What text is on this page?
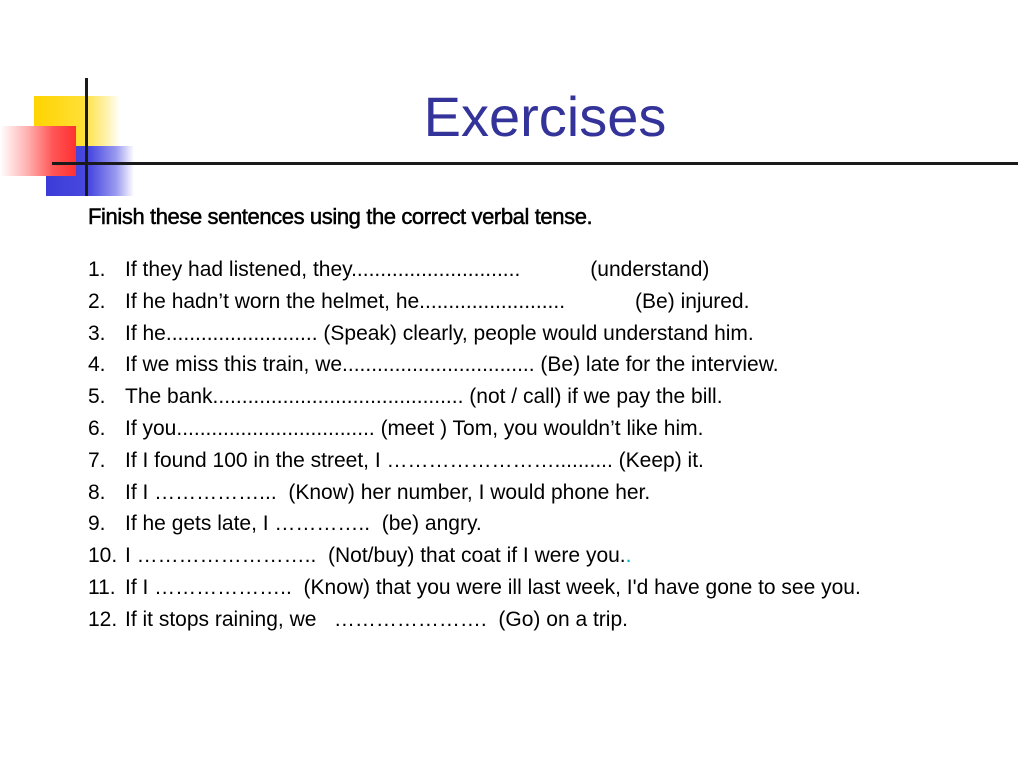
Exercises
Finish these sentences using the correct verbal tense.
1. If they had listened, they.............................            (understand)
2. If he hadn’t worn the helmet, he.........................            (Be) injured.
3. If he.......................... (Speak) clearly, people would understand him.
4. If we miss this train, we................................. (Be) late for the interview.
5. The bank........................................... (not / call) if we pay the bill.
6. If you.................................. (meet ) Tom, you wouldn’t like him.
7. If I found 100 in the street, I …………………….......... (Keep) it.
8. If I ……………...  (Know) her number, I would phone her.
9. If he gets late, I …………..  (be) angry.
10. I ……………………..  (Not/buy) that coat if I were you..
11. If I ………………..  (Know) that you were ill last week, I'd have gone to see you.
12. If it stops raining, we   ………………….  (Go) on a trip.
